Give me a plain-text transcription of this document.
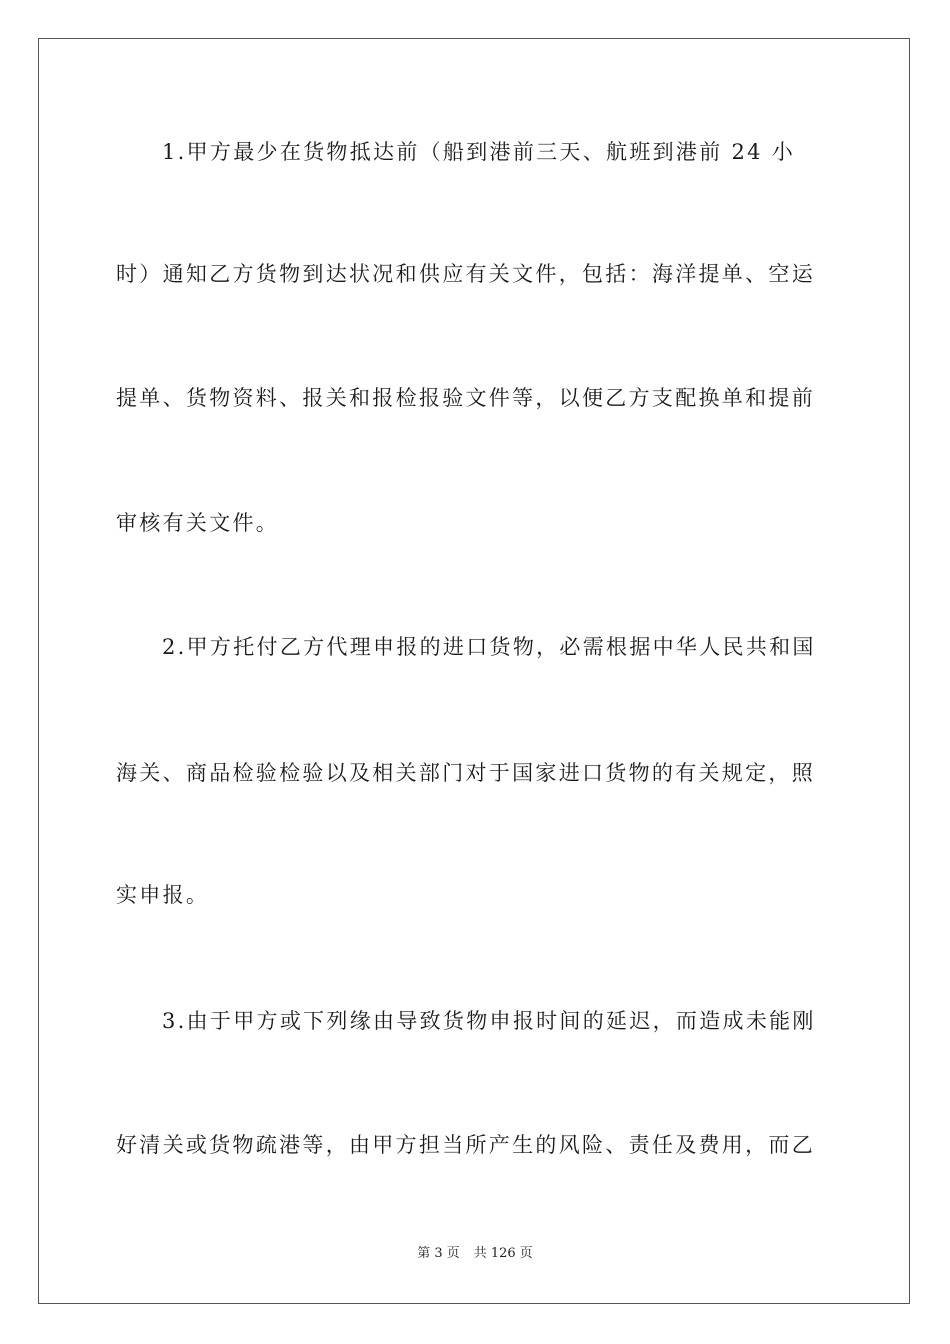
1.甲方最少在货物抵达前（船到港前三天、航班到港前 24 小
时）通知乙方货物到达状况和供应有关文件，包括：海洋提单、空运
提单、货物资料、报关和报检报验文件等，以便乙方支配换单和提前
审核有关文件。
2.甲方托付乙方代理申报的进口货物，必需根据中华人民共和国
海关、商品检验检验以及相关部门对于国家进口货物的有关规定，照
实申报。
3.由于甲方或下列缘由导致货物申报时间的延迟，而造成未能刚
好清关或货物疏港等，由甲方担当所产生的风险、责任及费用，而乙
第 3 页 共 126 页
